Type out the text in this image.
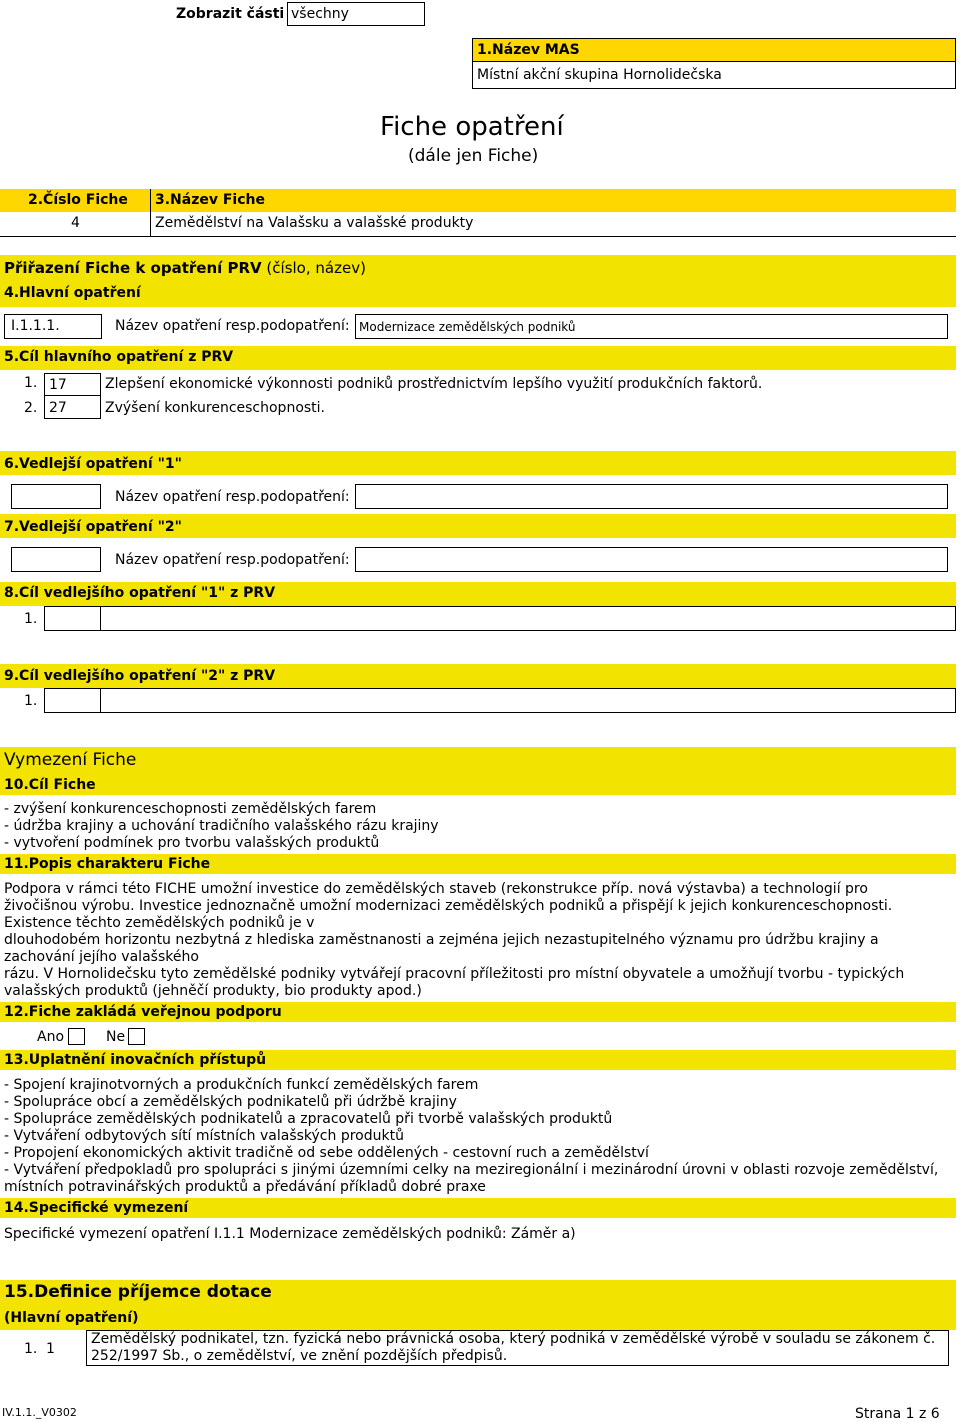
Zobrazit části všechny
1.Název MAS
Místní akční skupina Hornolidečska
Fiche opatření
(dále jen Fiche)
2.Číslo Fiche 3.Název Fiche
4	Zemědělství na Valašsku a valašské produkty
Přiřazení Fiche k opatření PRV (číslo, název)
4.Hlavní opatření
I.1.1.1.	Název opatření resp.podopatření: Modernizace zemědělských podniků
5.Cíl hlavního opatření z PRV
1. 17	Zlepšení ekonomické výkonnosti podniků prostřednictvím lepšího využití produkčních faktorů.
2. 27	Zvýšení konkurenceschopnosti.
6.Vedlejší opatření "1"
Název opatření resp.podopatření:
7.Vedlejší opatření "2"
Název opatření resp.podopatření:
8.Cíl vedlejšího opatření "1" z PRV
1.
9.Cíl vedlejšího opatření "2" z PRV
1.
Vymezení Fiche
10.Cíl Fiche
- zvýšení konkurenceschopnosti zemědělských farem
- údržba krajiny a uchování tradičního valašského rázu krajiny
- vytvoření podmínek pro tvorbu valašských produktů
11.Popis charakteru Fiche
Podpora v rámci této FICHE umožní investice do zemědělských staveb (rekonstrukce příp. nová výstavba) a technologií pro
živočišnou výrobu. Investice jednoznačně umožní modernizaci zemědělských podniků a přispějí k jejich konkurenceschopnosti.
Existence těchto zemědělských podniků je v
dlouhodobém horizontu nezbytná z hlediska zaměstnanosti a zejména jejich nezastupitelného významu pro údržbu krajiny a
zachování jejího valašského
rázu. V Hornolidečsku tyto zemědělské podniky vytvářejí pracovní příležitosti pro místní obyvatele a umožňují tvorbu - typických
valašských produktů (jehněčí produkty, bio produkty apod.)
12.Fiche zakládá veřejnou podporu
Ano	Ne
13.Uplatnění inovačních přístupů
- Spojení krajinotvorných a produkčních funkcí zemědělských farem
- Spolupráce obcí a zemědělských podnikatelů při údržbě krajiny
- Spolupráce zemědělských podnikatelů a zpracovatelů při tvorbě valašských produktů
- Vytváření odbytových sítí místních valašských produktů
- Propojení ekonomických aktivit tradičně od sebe oddělených - cestovní ruch a zemědělství
- Vytváření předpokladů pro spolupráci s jinými územními celky na meziregionální i mezinárodní úrovni v oblasti rozvoje zemědělství,
místních potravinářských produktů a předávání příkladů dobré praxe
14.Specifické vymezení
Specifické vymezení opatření I.1.1 Modernizace zemědělských podniků: Záměr a)
15.Definice příjemce dotace
(Hlavní opatření)
1. 1
Zemědělský podnikatel, tzn. fyzická nebo právnická osoba, který podniká v zemědělské výrobě v souladu se zákonem č.
252/1997 Sb., o zemědělství, ve znění pozdějších předpisů.
IV.1.1._V0302	Strana 1 z 6
